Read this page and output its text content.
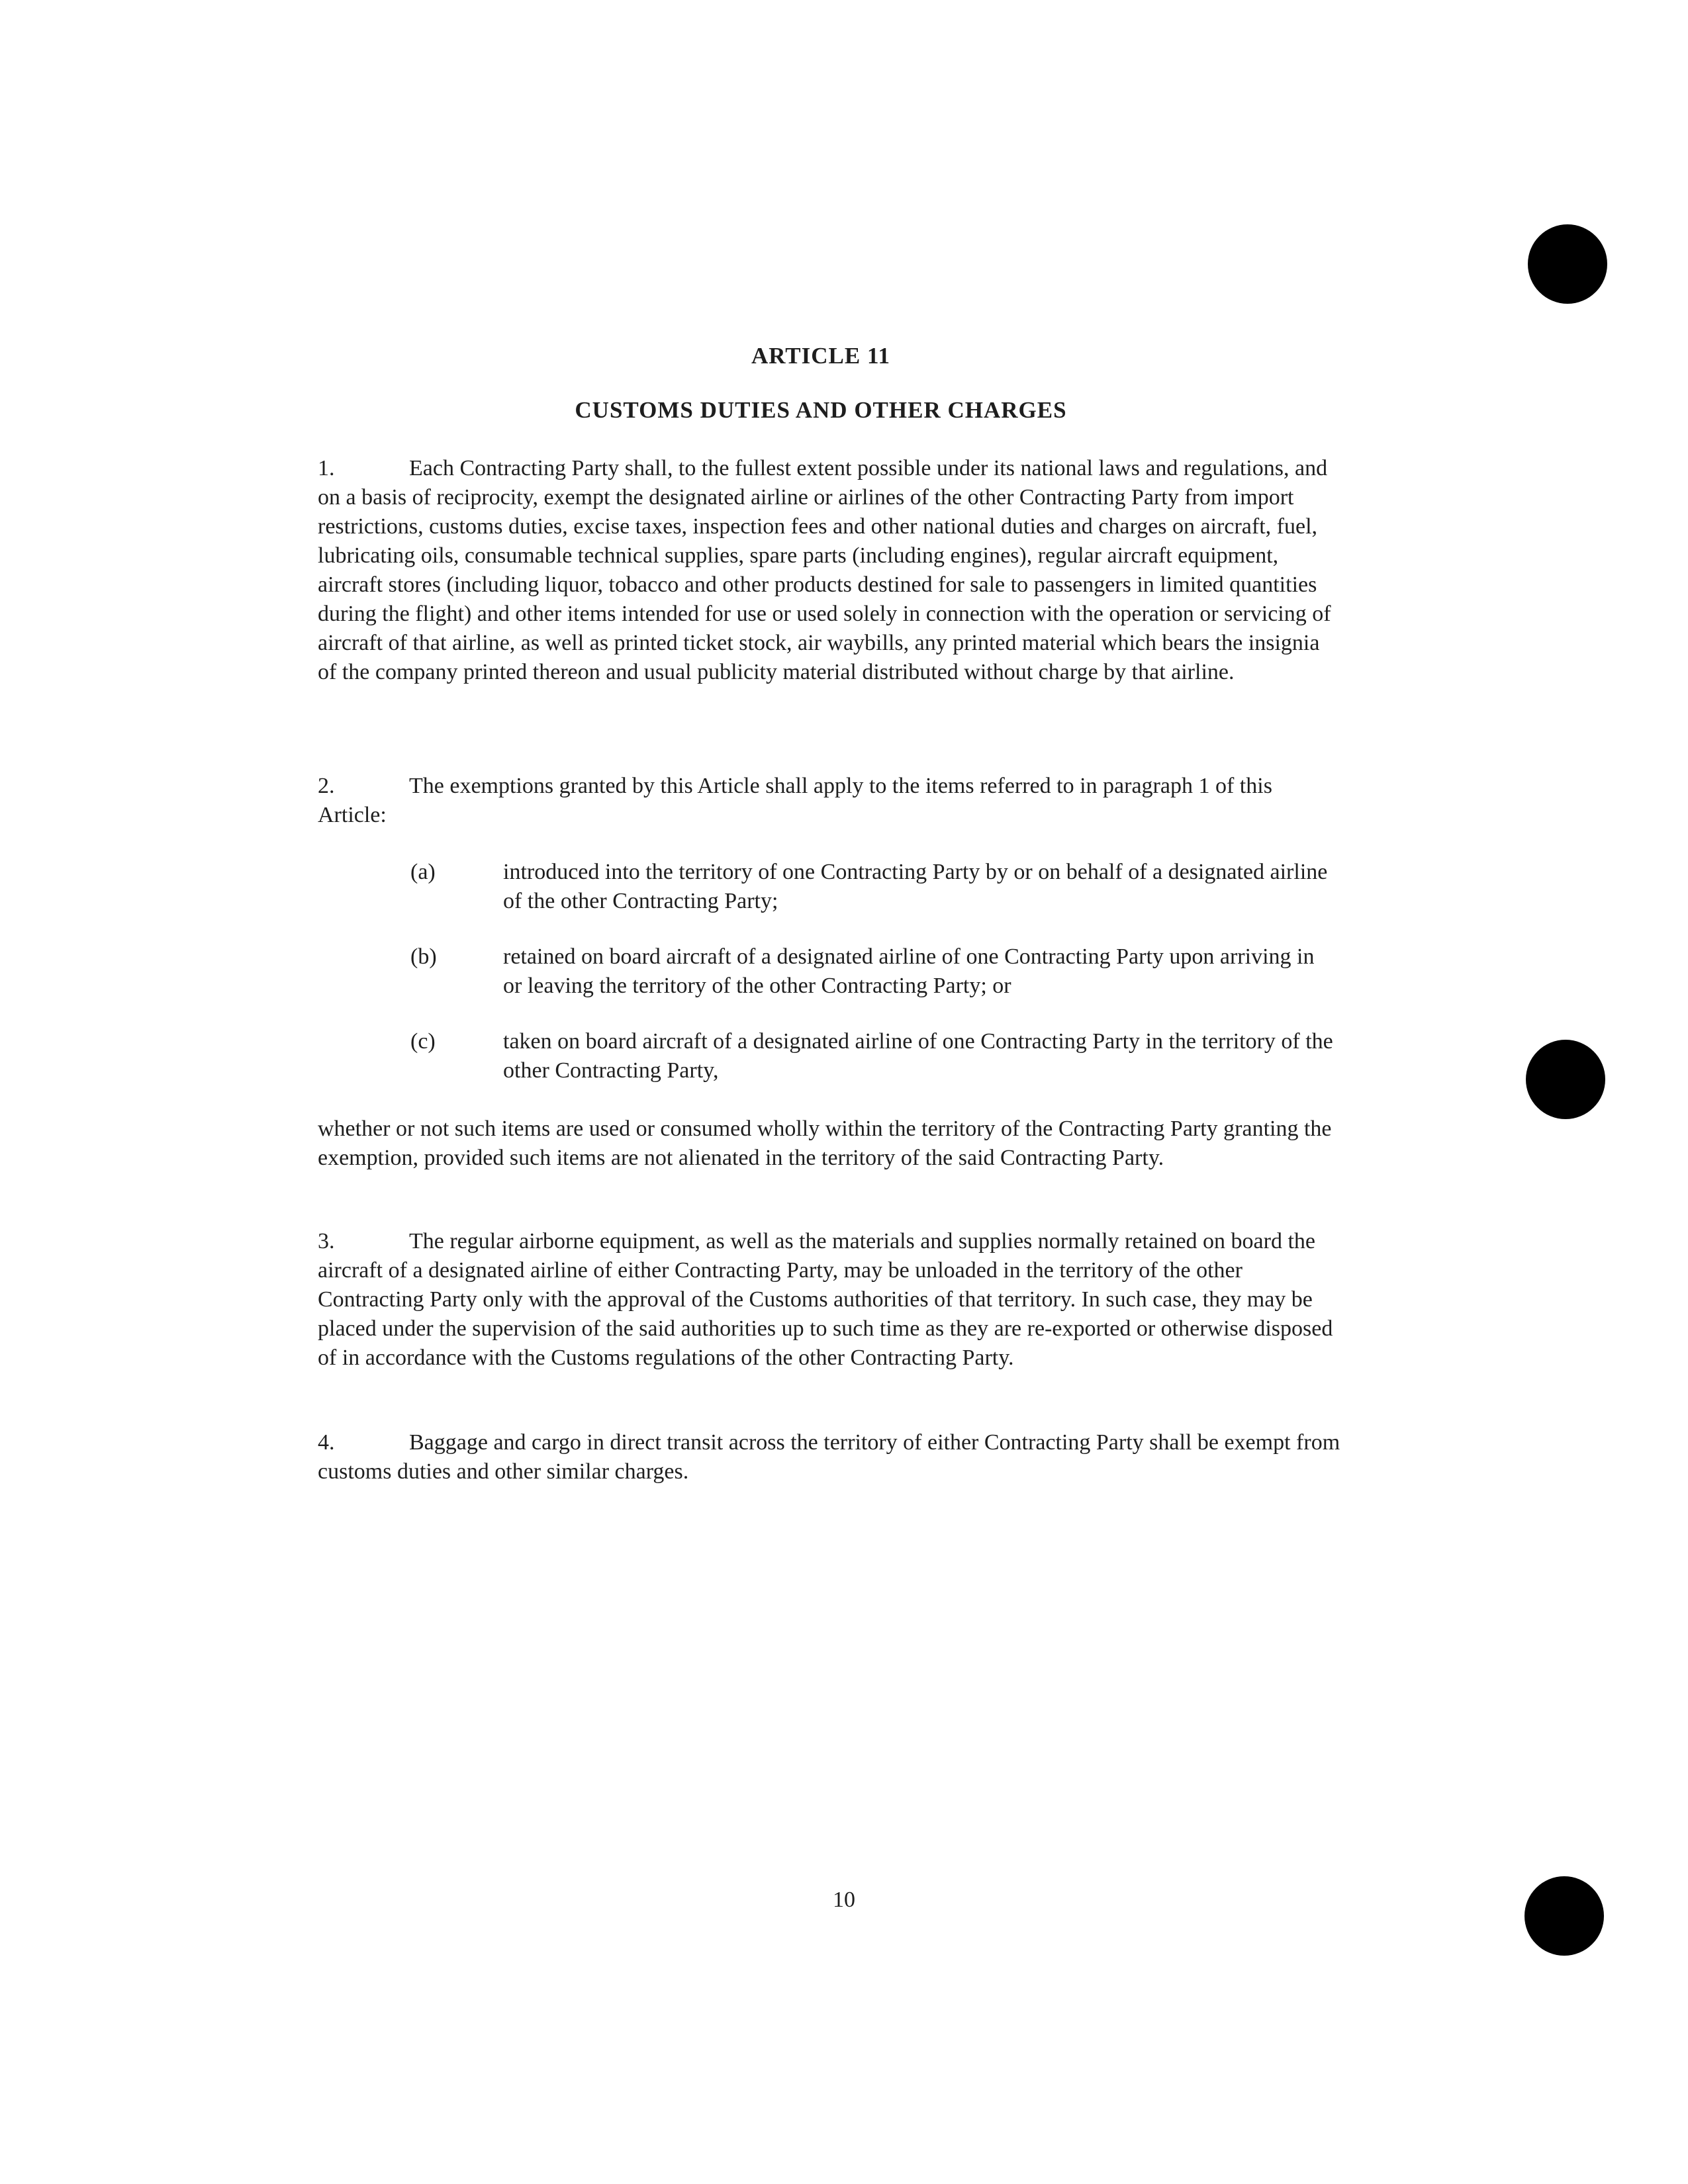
ARTICLE 11
CUSTOMS DUTIES AND OTHER CHARGES

1.	Each Contracting Party shall, to the fullest extent possible under its national laws and regulations, and on a basis of reciprocity, exempt the designated airline or airlines of the other Contracting Party from import restrictions, customs duties, excise taxes, inspection fees and other national duties and charges on aircraft, fuel, lubricating oils, consumable technical supplies, spare parts (including engines), regular aircraft equipment, aircraft stores (including liquor, tobacco and other products destined for sale to passengers in limited quantities during the flight) and other items intended for use or used solely in connection with the operation or servicing of aircraft of that airline, as well as printed ticket stock, air waybills, any printed material which bears the insignia of the company printed thereon and usual publicity material distributed without charge by that airline.

2.	The exemptions granted by this Article shall apply to the items referred to in paragraph 1 of this Article:

(a)	introduced into the territory of one Contracting Party by or on behalf of a designated airline of the other Contracting Party;
(b)	retained on board aircraft of a designated airline of one Contracting Party upon arriving in or leaving the territory of the other Contracting Party; or
(c)	taken on board aircraft of a designated airline of one Contracting Party in the territory of the other Contracting Party,

whether or not such items are used or consumed wholly within the territory of the Contracting Party granting the exemption, provided such items are not alienated in the territory of the said Contracting Party.

3.	The regular airborne equipment, as well as the materials and supplies normally retained on board the aircraft of a designated airline of either Contracting Party, may be unloaded in the territory of the other Contracting Party only with the approval of the Customs authorities of that territory. In such case, they may be placed under the supervision of the said authorities up to such time as they are re-exported or otherwise disposed of in accordance with the Customs regulations of the other Contracting Party.

4.	Baggage and cargo in direct transit across the territory of either Contracting Party shall be exempt from customs duties and other similar charges.

10
